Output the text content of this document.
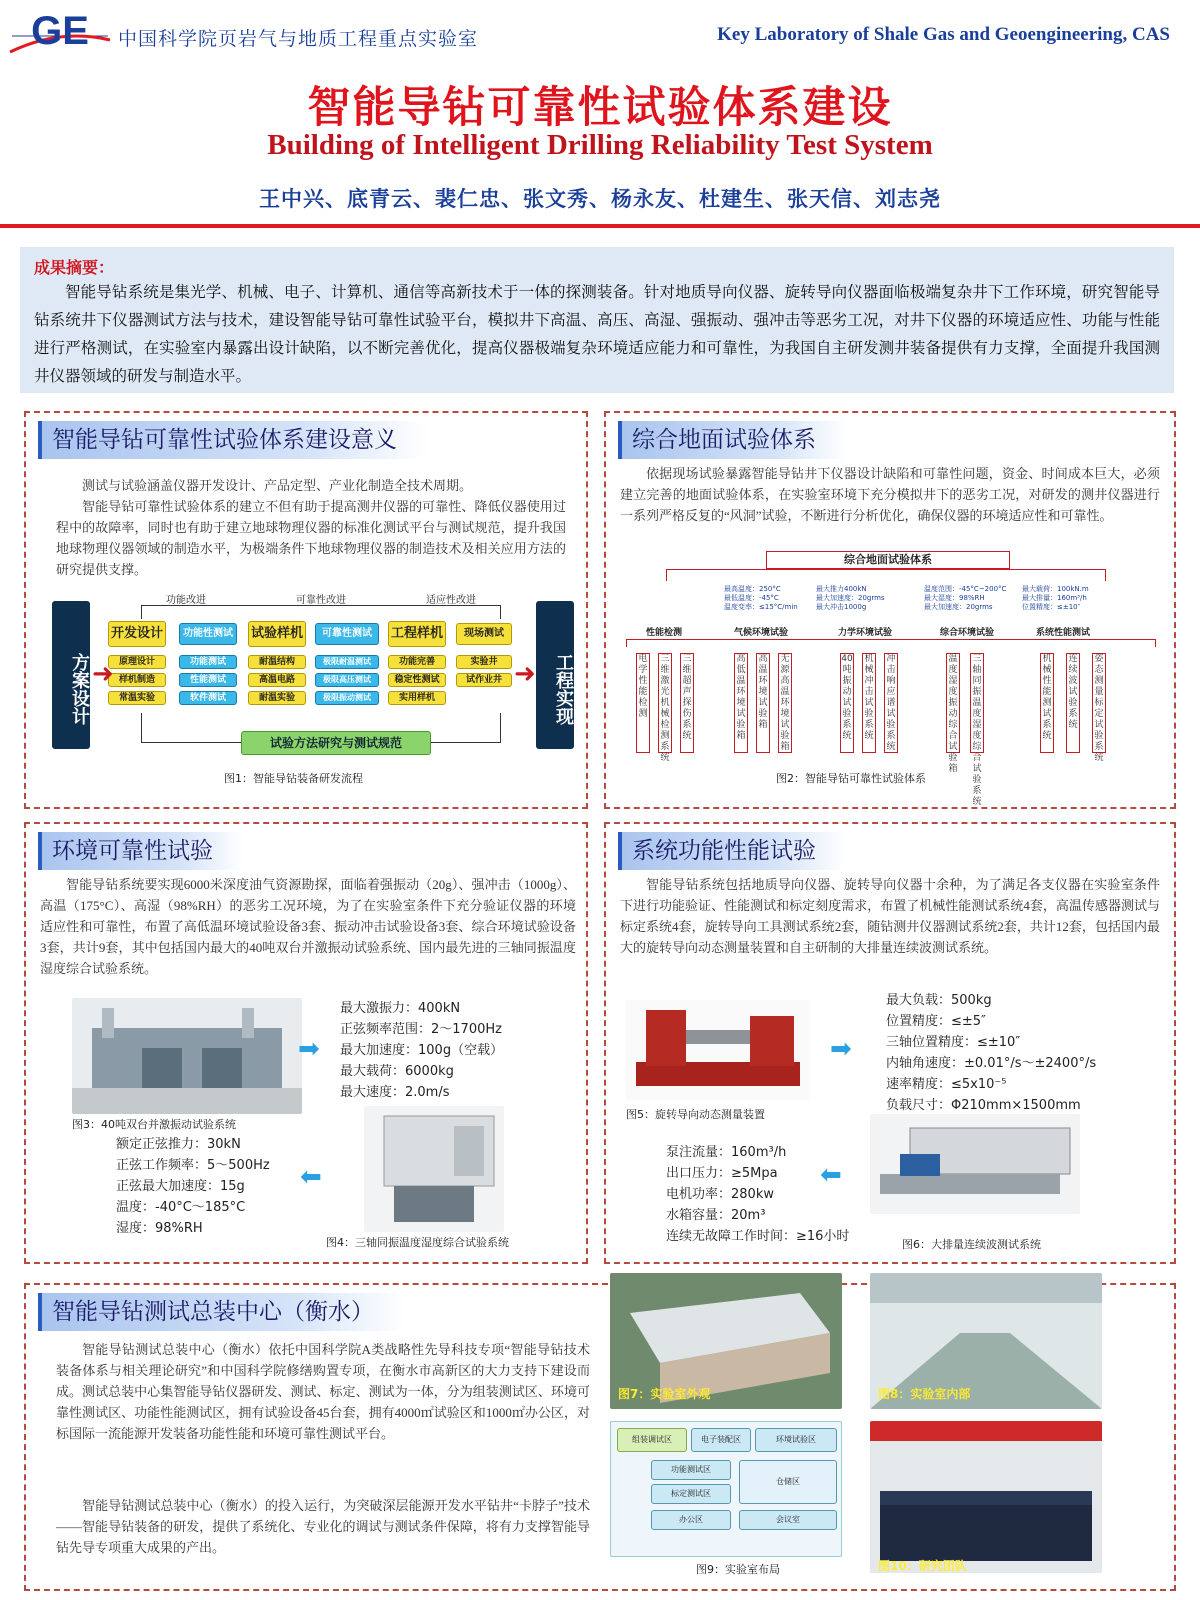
GE 中国科学院页岩气与地质工程重点实验室	Key Laboratory of Shale Gas and Geoengineering, CAS
智能导钻可靠性试验体系建设
Building of Intelligent Drilling Reliability Test System
王中兴、底青云、裴仁忠、张文秀、杨永友、杜建生、张天信、刘志尧
成果摘要：
智能导钻系统是集光学、机械、电子、计算机、通信等高新技术于一体的探测装备。针对地质导向仪器、旋转导向仪器面临极端复杂井下工作环境，研究智能导钻系统井下仪器测试方法与技术，建设智能导钻可靠性试验平台，模拟井下高温、高压、高湿、强振动、强冲击等恶劣工况，对井下仪器的环境适应性、功能与性能进行严格测试，在实验室内暴露出设计缺陷，以不断完善优化，提高仪器极端复杂环境适应能力和可靠性，为我国自主研发测井装备提供有力支撑，全面提升我国测井仪器领域的研发与制造水平。
智能导钻可靠性试验体系建设意义
测试与试验涵盖仪器开发设计、产品定型、产业化制造全技术周期。
智能导钻可靠性试验体系的建立不但有助于提高测井仪器的可靠性、降低仪器使用过程中的故障率，同时也有助于建立地球物理仪器的标准化测试平台与测试规范，提升我国地球物理仪器领域的制造水平，为极端条件下地球物理仪器的制造技术及相关应用方法的研究提供支撑。
方案设计	工程实现
功能改进	可靠性改进	适应性改进
开发设计	功能性测试	试验样机	可靠性测试	工程样机	现场测试
原理设计
样机制造
常温实验
功能测试
性能测试
软件测试
耐温结构
高温电路
耐温实验
极限耐温测试
极限高压测试
极限振动测试
功能完善
稳定性测试
实用样机
实验井
试作业井
试验方法研究与测试规范
➜	➜
图1：智能导钻装备研发流程
综合地面试验体系
依据现场试验暴露智能导钻井下仪器设计缺陷和可靠性问题，资金、时间成本巨大，必须建立完善的地面试验体系，在实验室环境下充分模拟井下的恶劣工况，对研发的测井仪器进行一系列严格反复的“风洞”试验，不断进行分析优化，确保仪器的环境适应性和可靠性。
综合地面试验体系
最高温度：250°C
最低温度：-45°C
温度变率：≤15°C/min
最大推力400kN
最大加速度：20grms
最大冲击1000g
温度范围：-45°C~200°C
最大湿度：98%RH
最大加速度：20grms
最大载荷：100kN.m
最大排量：160m³/h
位置精度：≤±10″
性能检测	气候环境试验	力学环境试验	综合环境试验	系统性能测试
电学性能检测
三维激光机械检测系统
三维超声探伤系统
高低温环境试验箱
高温环境试验箱
无源高温环境试验箱
40吨振动试验系统
机械冲击试验系统
冲击响应谱试验系统
温度湿度振动综合试验箱
三轴同振温度湿度综合试验系统
机械性能测试系统
连续波试验系统
姿态测量标定试验系统
图2：智能导钻可靠性试验体系
环境可靠性试验
智能导钻系统要实现6000米深度油气资源勘探，面临着强振动（20g）、强冲击（1000g）、高温（175°C）、高湿（98%RH）的恶劣工况环境，为了在实验室条件下充分验证仪器的环境适应性和可靠性，布置了高低温环境试验设备3套、振动冲击试验设备3套、综合环境试验设备3套，共计9套，其中包括国内最大的40吨双台并激振动试验系统、国内最先进的三轴同振温度湿度综合试验系统。
图3：40吨双台并激振动试验系统
➡
最大激振力：400kN
正弦频率范围：2～1700Hz
最大加速度：100g（空载）
最大载荷：6000kg
最大速度：2.0m/s
额定正弦推力：30kN
正弦工作频率：5～500Hz
正弦最大加速度：15g
温度：-40°C～185°C
湿度：98%RH
⬅
图4：三轴同振温度湿度综合试验系统
系统功能性能试验
智能导钻系统包括地质导向仪器、旋转导向仪器十余种，为了满足各支仪器在实验室条件下进行功能验证、性能测试和标定刻度需求，布置了机械性能测试系统4套，高温传感器测试与标定系统4套，旋转导向工具测试系统2套，随钻测井仪器测试系统2套，共计12套，包括国内最大的旋转导向动态测量装置和自主研制的大排量连续波测试系统。
图5：旋转导向动态测量装置
➡
最大负载：500kg
位置精度：≤±5″
三轴位置精度：≤±10″
内轴角速度：±0.01°/s～±2400°/s
速率精度：≤5x10⁻⁵
负载尺寸：Φ210mm×1500mm
泵注流量：160m³/h
出口压力：≥5Mpa
电机功率：280kw
水箱容量：20m³
连续无故障工作时间：≥16小时
⬅
图6：大排量连续波测试系统
智能导钻测试总装中心（衡水）
智能导钻测试总装中心（衡水）依托中国科学院A类战略性先导科技专项“智能导钻技术装备体系与相关理论研究”和中国科学院修缮购置专项，在衡水市高新区的大力支持下建设而成。测试总装中心集智能导钻仪器研发、测试、标定、测试为一体，分为组装测试区、环境可靠性测试区、功能性能测试区，拥有试验设备45台套，拥有4000㎡试验区和1000㎡办公区，对标国际一流能源开发装备功能性能和环境可靠性测试平台。
智能导钻测试总装中心（衡水）的投入运行，为突破深层能源开发水平钻井“卡脖子”技术——智能导钻装备的研发，提供了系统化、专业化的调试与测试条件保障，将有力支撑智能导钻先导专项重大成果的产出。
图7：实验室外观	图8：实验室内部
组装调试区	电子装配区	环境试验区
功能测试区
标定测试区
仓储区
办公区	会议室
图9：实验室布局	图10：研究团队
